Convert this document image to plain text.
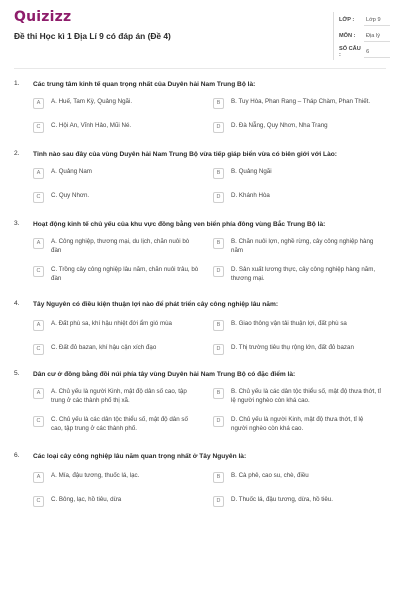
Quizizz
Đề thi Học kì 1 Địa Lí 9 có đáp án (Đề 4)
LỚP :	Lớp 9
MÔN :	Địa lý
SỐ CÂU :
6
1. Các trung tâm kinh tế quan trọng nhất của Duyên hải Nam Trung Bộ là:
A	A. Huế, Tam Kỳ, Quảng Ngãi.	B	B. Tuy Hòa, Phan Rang – Tháp Chàm, Phan Thiết.
C	C. Hội An, Vĩnh Hảo, Mũi Né.	D	D. Đà Nẵng, Quy Nhơn, Nha Trang
2. Tỉnh nào sau đây của vùng Duyên hải Nam Trung Bộ vừa tiếp giáp biển vừa có biên giới với Lào:
A	A. Quảng Nam	B	B. Quảng Ngãi
C	C. Quy Nhơn.	D	D. Khánh Hòa
3. Hoạt động kinh tế chủ yếu của khu vực đồng bằng ven biển phía đông vùng Bắc Trung Bộ là:
A	A. Công nghiệp, thương mại, du lịch, chăn nuôi bò đàn
B	B. Chăn nuôi lợn, nghề rừng, cây công nghiệp hàng năm
C	C. Trồng cây công nghiệp lâu năm, chăn nuôi trâu, bò đàn
D	D. Sản xuất lương thực, cây công nghiệp hàng năm, thương mại.
4. Tây Nguyên có điều kiện thuận lợi nào để phát triển cây công nghiệp lâu năm:
A	A. Đất phù sa, khí hậu nhiệt đới ẩm gió mùa	B	B. Giao thông vận tải thuận lợi, đất phù sa
C	C. Đất đỏ bazan, khí hậu cận xích đạo	D	D. Thị trường tiêu thụ rộng lớn, đất đỏ bazan
5. Dân cư ở đồng bằng đồi núi phía tây vùng Duyên hải Nam Trung Bộ có đặc điểm là:
A	A. Chủ yếu là người Kinh, mật độ dân số cao, tập trung ở các thành phố thị xã.
B	B. Chủ yếu là các dân tộc thiểu số, mật độ thưa thớt, tỉ lệ người nghèo còn khá cao.
C	C. Chủ yếu là các dân tộc thiểu số, mật độ dân số cao, tập trung ở các thành phố.
D	D. Chủ yếu là người Kinh, mật độ thưa thớt, tỉ lệ người nghèo còn khá cao.
6. Các loại cây công nghiệp lâu năm quan trọng nhất ở Tây Nguyên là:
A	A. Mía, đậu tương, thuốc lá, lạc.	B	B. Cà phê, cao su, chè, điều
C	C. Bông, lạc, hồ tiêu, dừa	D	D. Thuốc lá, đậu tương, dừa, hồ tiêu.
